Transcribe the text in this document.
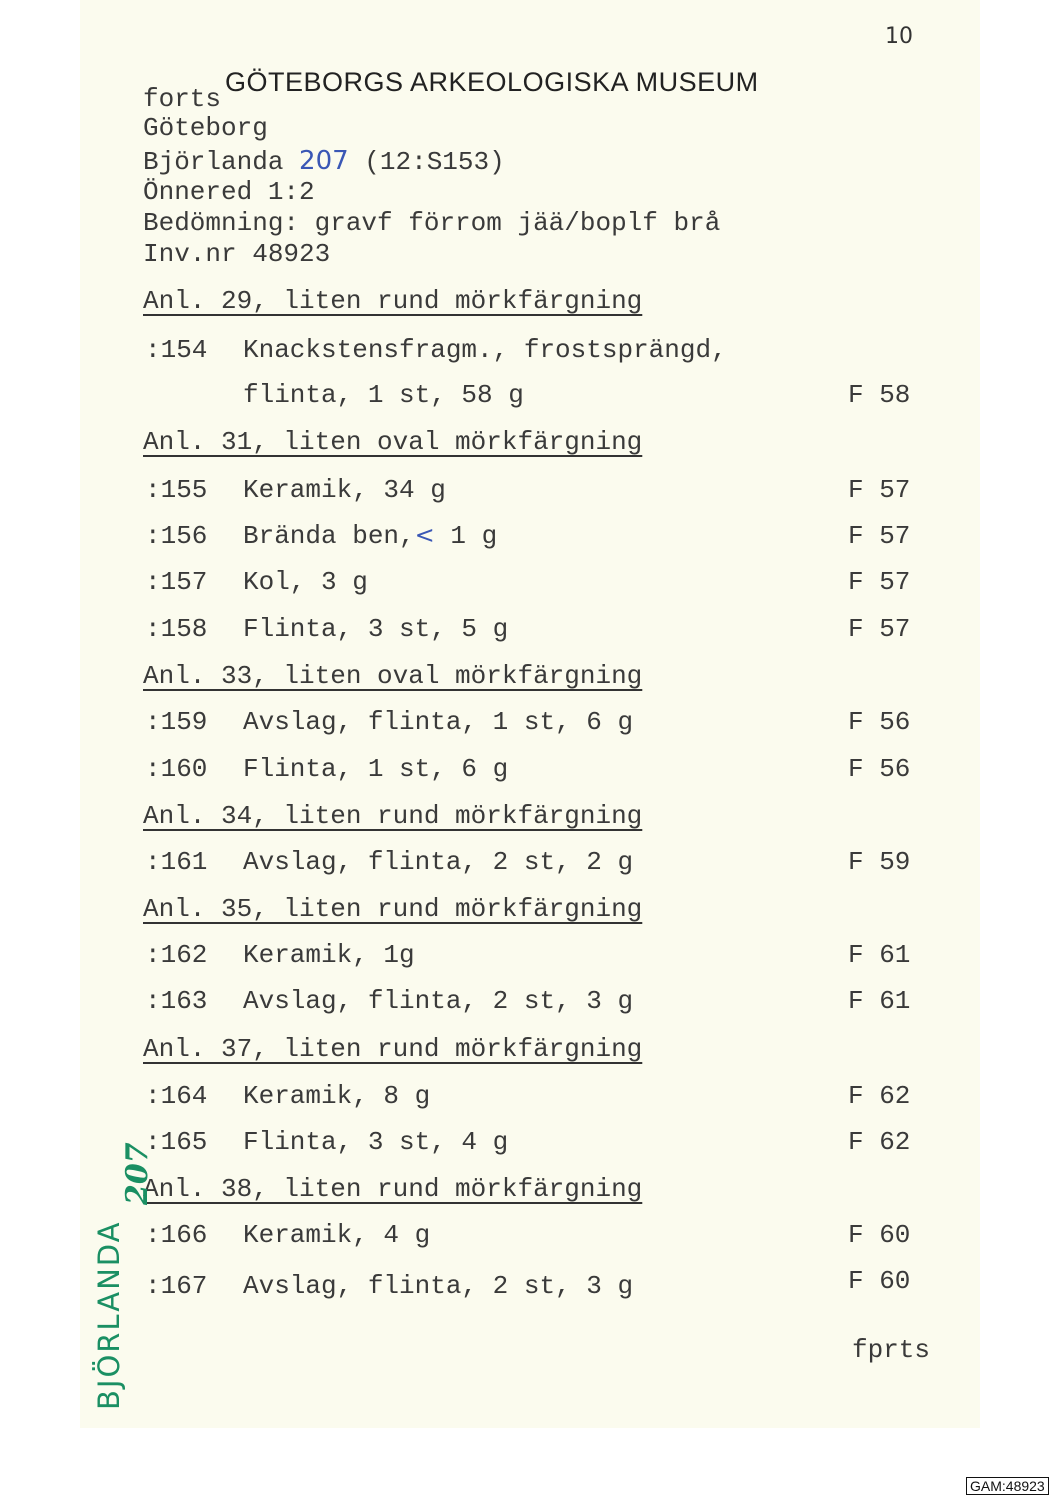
10
forts
GÖTEBORGS ARKEOLOGISKA MUSEUM
Göteborg
Björlanda 207 (12:S153)
Önnered 1:2
Bedömning: gravf förrom jää/boplf brå
Inv.nr 48923
Anl. 29, liten rund mörkfärgning
:154 Knackstensfragm., frostsprängd,
flinta, 1 st, 58 g	F 58
Anl. 31, liten oval mörkfärgning
:155 Keramik, 34 g	F 57
:156 Brända ben,< 1 g	F 57
:157 Kol, 3 g	F 57
:158 Flinta, 3 st, 5 g	F 57
Anl. 33, liten oval mörkfärgning
:159 Avslag, flinta, 1 st, 6 g	F 56
:160 Flinta, 1 st, 6 g	F 56
Anl. 34, liten rund mörkfärgning
:161 Avslag, flinta, 2 st, 2 g	F 59
Anl. 35, liten rund mörkfärgning
:162 Keramik, 1g	F 61
:163 Avslag, flinta, 2 st, 3 g	F 61
Anl. 37, liten rund mörkfärgning
:164 Keramik, 8 g	F 62
:165 Flinta, 3 st, 4 g	F 62
Anl. 38, liten rund mörkfärgning
:166 Keramik, 4 g	F 60
:167 Avslag, flinta, 2 st, 3 g	F 60
fprts
BJÖRLANDA
207
GAM:48923
